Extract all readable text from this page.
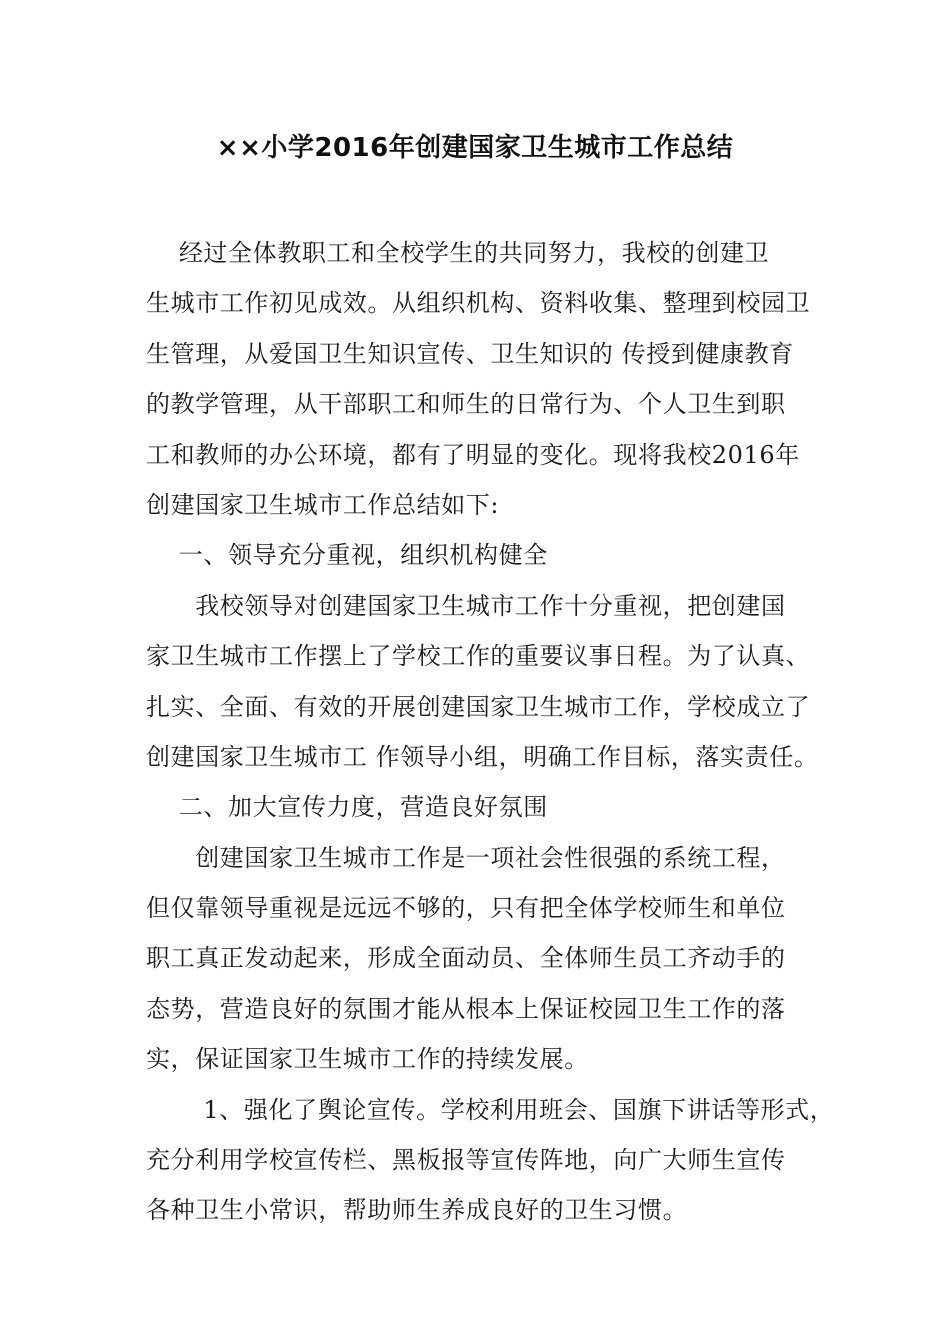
××小学2016年创建国家卫生城市工作总结
　 经过全体教职工和全校学生的共同努力，我校的创建卫
生城市工作初见成效。从组织机构、资料收集、整理到校园卫
生管理，从爱国卫生知识宣传、卫生知识的 传授到健康教育
的教学管理，从干部职工和师生的日常行为、个人卫生到职
工和教师的办公环境，都有了明显的变化。现将我校2016年
创建国家卫生城市工作总结如下:
　 一、领导充分重视，组织机构健全
　　我校领导对创建国家卫生城市工作十分重视，把创建国
家卫生城市工作摆上了学校工作的重要议事日程。为了认真、
扎实、全面、有效的开展创建国家卫生城市工作，学校成立了
创建国家卫生城市工 作领导小组，明确工作目标，落实责任。
　 二、加大宣传力度，营造良好氛围
　　创建国家卫生城市工作是一项社会性很强的系统工程，
但仅靠领导重视是远远不够的，只有把全体学校师生和单位
职工真正发动起来，形成全面动员、全体师生员工齐动手的
态势，营造良好的氛围才能从根本上保证校园卫生工作的落
实，保证国家卫生城市工作的持续发展。
　　 1、强化了舆论宣传。学校利用班会、国旗下讲话等形式，
充分利用学校宣传栏、黑板报等宣传阵地，向广大师生宣传
各种卫生小常识，帮助师生养成良好的卫生习惯。
